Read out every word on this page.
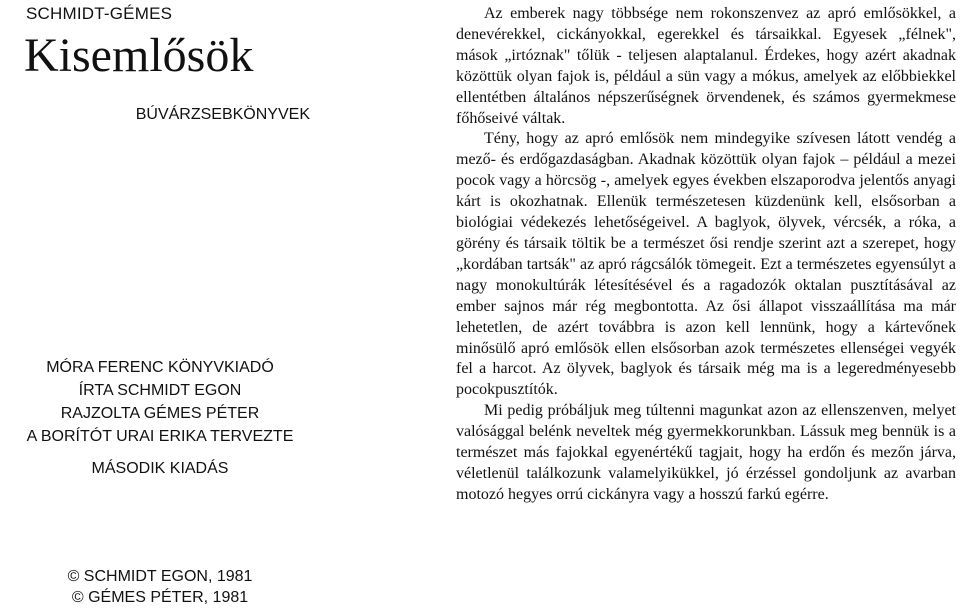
SCHMIDT-GÉMES
Kisemlősök
BÚVÁRZSEBKÖNYVEK
MÓRA FERENC KÖNYVKIADÓ
ÍRTA SCHMIDT EGON
RAJZOLTA GÉMES PÉTER
A BORÍTÓT URAI ERIKA TERVEZTE
MÁSODIK KIADÁS
© SCHMIDT EGON, 1981
© GÉMES PÉTER, 1981

Az emberek nagy többsége nem rokonszenvez az apró emlősökkel, a denevérekkel, cickányokkal, egerekkel és társaikkal. Egyesek „félnek", mások „irtóznak" tőlük - teljesen alaptalanul. Érdekes, hogy azért akadnak közöttük olyan fajok is, például a sün vagy a mókus, amelyek az előbbiekkel ellentétben általános népszerűségnek örvendenek, és számos gyermekmese főhőseivé váltak.

Tény, hogy az apró emlősök nem mindegyike szívesen látott vendég a mező- és erdőgazdaságban. Akadnak közöttük olyan fajok – például a mezei pocok vagy a hörcsög -, amelyek egyes években elszaporodva jelentős anyagi kárt is okozhatnak. Ellenük természetesen küzdenünk kell, elsősorban a biológiai védekezés lehetőségeivel. A baglyok, ölyvek, vércsék, a róka, a görény és társaik töltik be a természet ősi rendje szerint azt a szerepet, hogy „kordában tartsák" az apró rágcsálók tömegeit. Ezt a természetes egyensúlyt a nagy monokultúrák létesítésével és a ragadozók oktalan pusztításával az ember sajnos már rég megbontotta. Az ősi állapot visszaállítása ma már lehetetlen, de azért továbbra is azon kell lennünk, hogy a kártevőnek minősülő apró emlősök ellen elsősorban azok természetes ellenségei vegyék fel a harcot. Az ölyvek, baglyok és társaik még ma is a legeredményesebb pocokpusztítók.

Mi pedig próbáljuk meg túltenni magunkat azon az ellenszenven, melyet valósággal belénk neveltek még gyermekkorunkban. Lássuk meg bennük is a természet más fajokkal egyenértékű tagjait, hogy ha erdőn és mezőn járva, véletlenül találkozunk valamelyikükkel, jó érzéssel gondoljunk az avarban motozó hegyes orrú cickányra vagy a hosszú farkú egérre.
